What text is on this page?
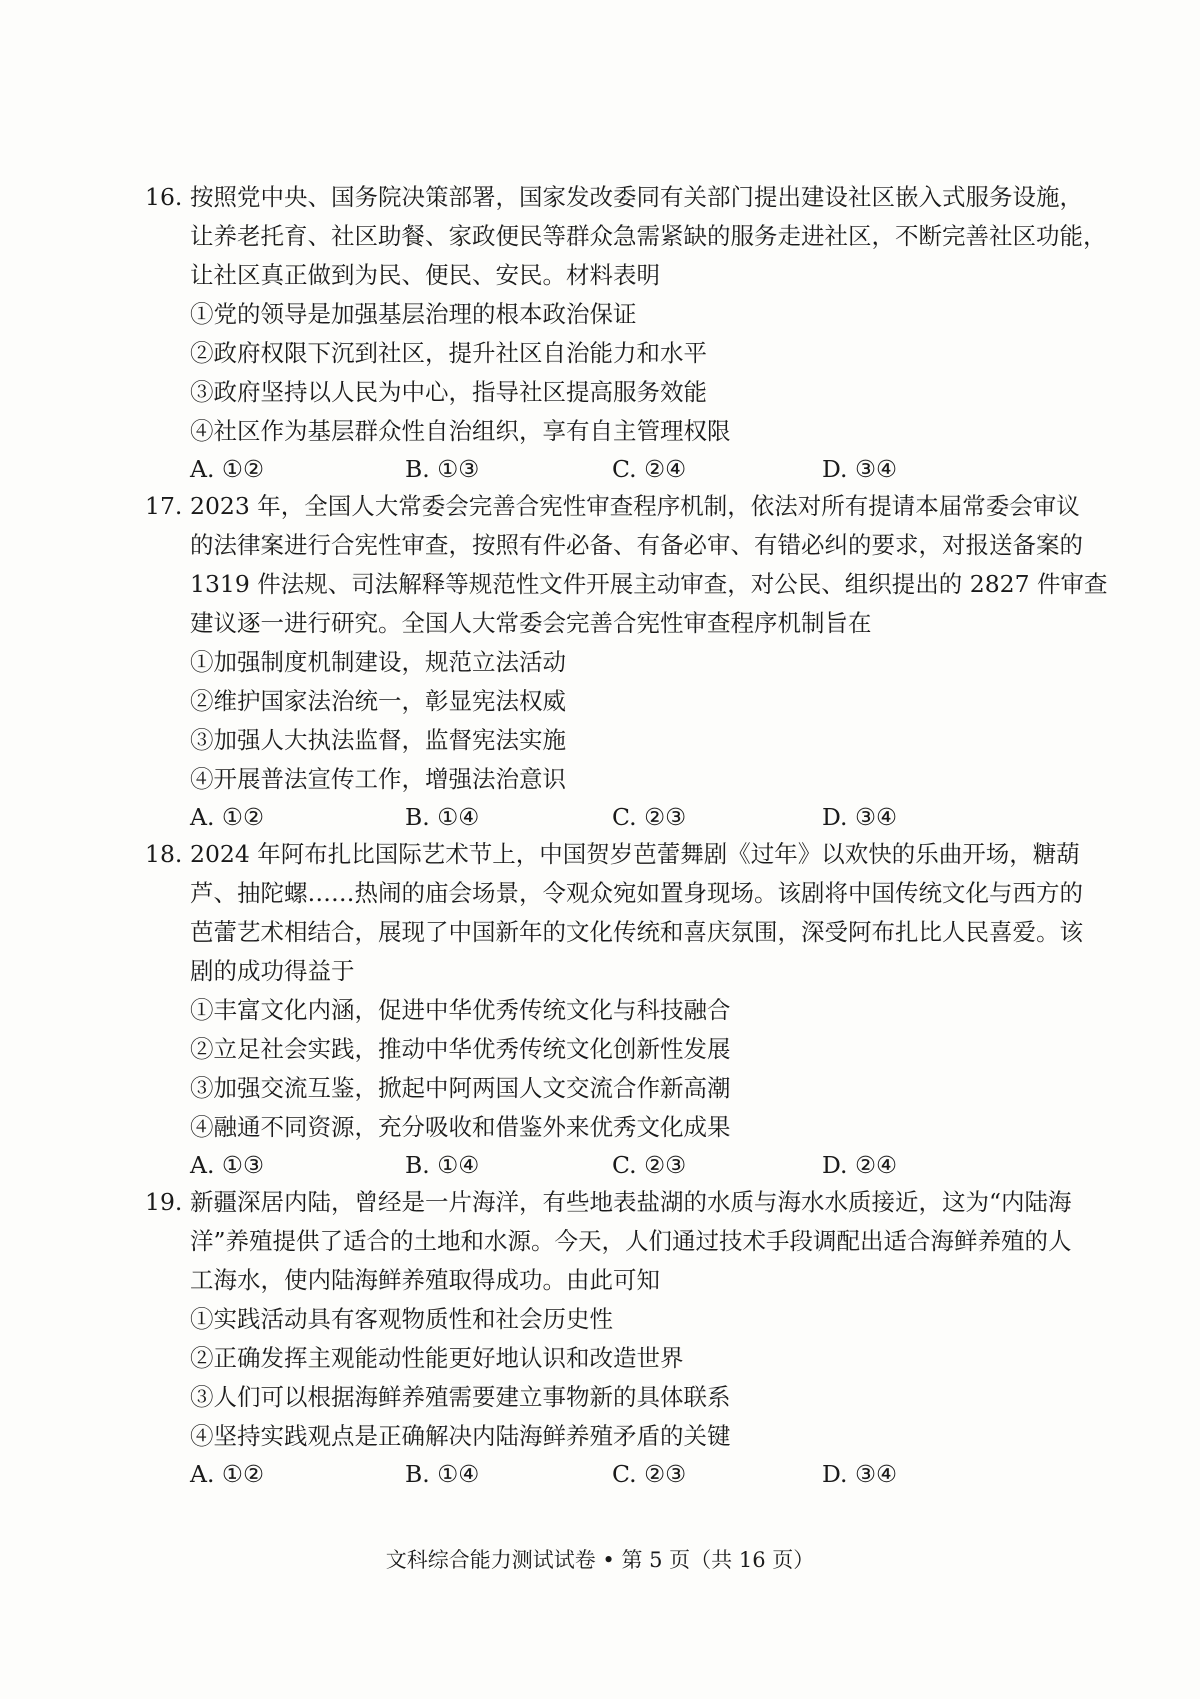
16. 按照党中央、国务院决策部署，国家发改委同有关部门提出建设社区嵌入式服务设施，
让养老托育、社区助餐、家政便民等群众急需紧缺的服务走进社区，不断完善社区功能，
让社区真正做到为民、便民、安民。材料表明
①党的领导是加强基层治理的根本政治保证
②政府权限下沉到社区，提升社区自治能力和水平
③政府坚持以人民为中心，指导社区提高服务效能
④社区作为基层群众性自治组织，享有自主管理权限
A. ①②	B. ①③	C. ②④	D. ③④
17. 2023 年，全国人大常委会完善合宪性审查程序机制，依法对所有提请本届常委会审议
的法律案进行合宪性审查，按照有件必备、有备必审、有错必纠的要求，对报送备案的
1319 件法规、司法解释等规范性文件开展主动审查，对公民、组织提出的 2827 件审查
建议逐一进行研究。全国人大常委会完善合宪性审查程序机制旨在
①加强制度机制建设，规范立法活动
②维护国家法治统一，彰显宪法权威
③加强人大执法监督，监督宪法实施
④开展普法宣传工作，增强法治意识
A. ①②	B. ①④	C. ②③	D. ③④
18. 2024 年阿布扎比国际艺术节上，中国贺岁芭蕾舞剧《过年》以欢快的乐曲开场，糖葫
芦、抽陀螺……热闹的庙会场景，令观众宛如置身现场。该剧将中国传统文化与西方的
芭蕾艺术相结合，展现了中国新年的文化传统和喜庆氛围，深受阿布扎比人民喜爱。该
剧的成功得益于
①丰富文化内涵，促进中华优秀传统文化与科技融合
②立足社会实践，推动中华优秀传统文化创新性发展
③加强交流互鉴，掀起中阿两国人文交流合作新高潮
④融通不同资源，充分吸收和借鉴外来优秀文化成果
A. ①③	B. ①④	C. ②③	D. ②④
19. 新疆深居内陆，曾经是一片海洋，有些地表盐湖的水质与海水水质接近，这为“内陆海
洋”养殖提供了适合的土地和水源。今天，人们通过技术手段调配出适合海鲜养殖的人
工海水，使内陆海鲜养殖取得成功。由此可知
①实践活动具有客观物质性和社会历史性
②正确发挥主观能动性能更好地认识和改造世界
③人们可以根据海鲜养殖需要建立事物新的具体联系
④坚持实践观点是正确解决内陆海鲜养殖矛盾的关键
A. ①②	B. ①④	C. ②③	D. ③④
文科综合能力测试试卷 • 第 5 页（共 16 页）
